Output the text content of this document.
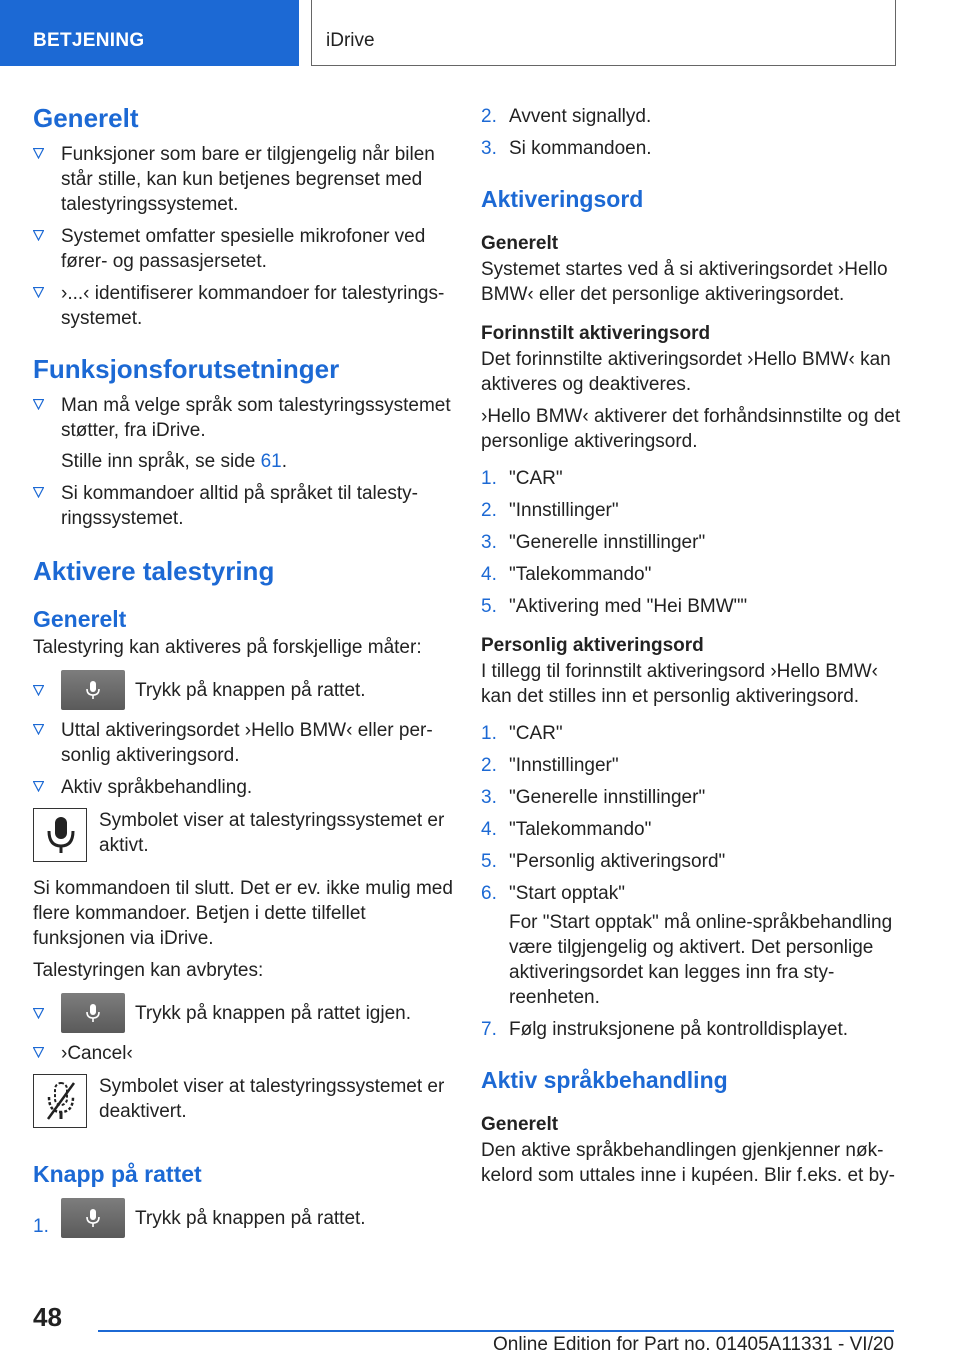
BETJENING	iDrive
Generelt
Funksjoner som bare er tilgjengelig når bilen står stille, kan kun betjenes begrenset med talestyringssystemet.
Systemet omfatter spesielle mikrofoner ved fører- og passasjersetet.
›...‹ identifiserer kommandoer for talestyringssystemet.
Funksjonsforutsetninger
Man må velge språk som talestyringssystemet støtter, fra iDrive.

Stille inn språk, se side 61.

Si kommandoer alltid på språket til talestyringssystemet.
Aktivere talestyring
Generelt

Talestyring kan aktiveres på forskjellige måter:

Trykk på knappen på rattet.
Uttal aktiveringsordet ›Hello BMW‹ eller personlig aktiveringsord.
Aktiv språkbehandling.

Symbolet viser at talestyringssystemet er aktivt.

Si kommandoen til slutt. Det er ev. ikke mulig med flere kommandoer. Betjen i dette tilfellet funksjonen via iDrive.

Talestyringen kan avbrytes:

Trykk på knappen på rattet igjen.
›Cancel‹

Symbolet viser at talestyringssystemet er deaktivert.

Knapp på rattet
1.	Trykk på knappen på rattet.
2. Avvent signallyd.
3. Si kommandoen.
Aktiveringsord
Generelt

Systemet startes ved å si aktiveringsordet ›Hello BMW‹ eller det personlige aktiveringsordet.

Forinnstilt aktiveringsord

Det forinnstilte aktiveringsordet ›Hello BMW‹ kan aktiveres og deaktiveres.

›Hello BMW‹ aktiverer det forhåndsinnstilte og det personlige aktiveringsord.

1. "CAR"
2. "Innstillinger"
3. "Generelle innstillinger"
4. "Talekommando"
5. "Aktivering med "Hei BMW""
Personlig aktiveringsord

I tillegg til forinnstilt aktiveringsord ›Hello BMW‹ kan det stilles inn et personlig aktiveringsord.

1. "CAR"
2. "Innstillinger"
3. "Generelle innstillinger"
4. "Talekommando"
5. "Personlig aktiveringsord"
6. "Start opptak"

For "Start opptak" må online-språkbehandling være tilgjengelig og aktivert. Det personlige aktiveringsordet kan legges inn fra styreenheten.

7. Følg instruksjonene på kontrolldisplayet.
Aktiv språkbehandling
Generelt

Den aktive språkbehandlingen gjenkjenner nøkkelord som uttales inne i kupéen. Blir f.eks. et by-

48
Online Edition for Part no. 01405A11331 - VI/20
